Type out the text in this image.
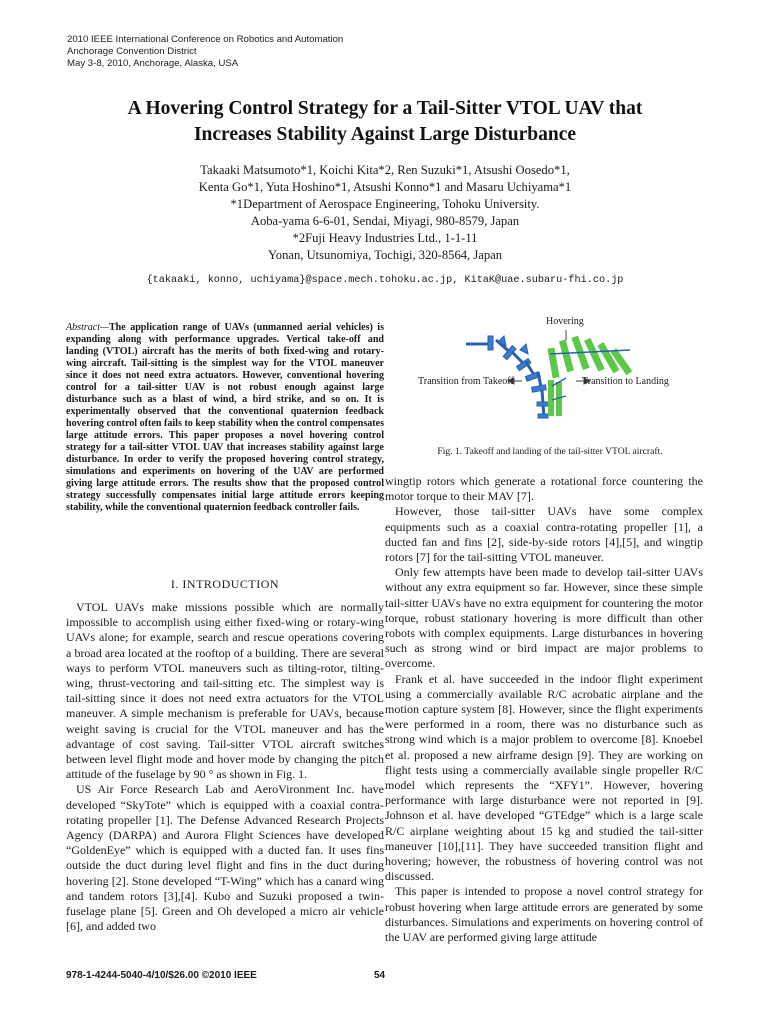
2010 IEEE International Conference on Robotics and Automation
Anchorage Convention District
May 3-8, 2010, Anchorage, Alaska, USA
A Hovering Control Strategy for a Tail-Sitter VTOL UAV that
Increases Stability Against Large Disturbance
Takaaki Matsumoto*1, Koichi Kita*2, Ren Suzuki*1, Atsushi Oosedo*1,
Kenta Go*1, Yuta Hoshino*1, Atsushi Konno*1 and Masaru Uchiyama*1
*1Department of Aerospace Engineering, Tohoku University.
Aoba-yama 6-6-01, Sendai, Miyagi, 980-8579, Japan
*2Fuji Heavy Industries Ltd., 1-1-11
Yonan, Utsunomiya, Tochigi, 320-8564, Japan
{takaaki, konno, uchiyama}@space.mech.tohoku.ac.jp, KitaK@uae.subaru-fhi.co.jp
Abstract—The application range of UAVs (unmanned aerial vehicles) is expanding along with performance upgrades. Vertical take-off and landing (VTOL) aircraft has the merits of both fixed-wing and rotary-wing aircraft. Tail-sitting is the simplest way for the VTOL maneuver since it does not need extra actuators. However, conventional hovering control for a tail-sitter UAV is not robust enough against large disturbance such as a blast of wind, a bird strike, and so on. It is experimentally observed that the conventional quaternion feedback hovering control often fails to keep stability when the control compensates large attitude errors. This paper proposes a novel hovering control strategy for a tail-sitter VTOL UAV that increases stability against large disturbance. In order to verify the proposed hovering control strategy, simulations and experiments on hovering of the UAV are performed giving large attitude errors. The results show that the proposed control strategy successfully compensates initial large attitude errors keeping stability, while the conventional quaternion feedback controller fails.
I. INTRODUCTION

VTOL UAVs make missions possible which are normally impossible to accomplish using either fixed-wing or rotary-wing UAVs alone; for example, search and rescue operations covering a broad area located at the rooftop of a building. There are several ways to perform VTOL maneuvers such as tilting-rotor, tilting-wing, thrust-vectoring and tail-sitting etc. The simplest way is tail-sitting since it does not need extra actuators for the VTOL maneuver. A simple mechanism is preferable for UAVs, because weight saving is crucial for the VTOL maneuver and has the advantage of cost saving. Tail-sitter VTOL aircraft switches between level flight mode and hover mode by changing the pitch attitude of the fuselage by 90 ° as shown in Fig. 1.

US Air Force Research Lab and AeroVironment Inc. have developed “SkyTote” which is equipped with a coaxial contra-rotating propeller [1]. The Defense Advanced Research Projects Agency (DARPA) and Aurora Flight Sciences have developed “GoldenEye” which is equipped with a ducted fan. It uses fins outside the duct during level flight and fins in the duct during hovering [2]. Stone developed “T-Wing” which has a canard wing and tandem rotors [3],[4]. Kubo and Suzuki proposed a twin-fuselage plane [5]. Green and Oh developed a micro air vehicle [6], and added two

Hovering
Transition from Takeoff	Transition to Landing
Fig. 1. Takeoff and landing of the tail-sitter VTOL aircraft.

wingtip rotors which generate a rotational force countering the motor torque to their MAV [7].

However, those tail-sitter UAVs have some complex equipments such as a coaxial contra-rotating propeller [1], a ducted fan and fins [2], side-by-side rotors [4],[5], and wingtip rotors [7] for the tail-sitting VTOL maneuver.

Only few attempts have been made to develop tail-sitter UAVs without any extra equipment so far. However, since these simple tail-sitter UAVs have no extra equipment for countering the motor torque, robust stationary hovering is more difficult than other robots with complex equipments. Large disturbances in hovering such as strong wind or bird impact are major problems to overcome.

Frank et al. have succeeded in the indoor flight experiment using a commercially available R/C acrobatic airplane and the motion capture system [8]. However, since the flight experiments were performed in a room, there was no disturbance such as strong wind which is a major problem to overcome [8]. Knoebel et al. proposed a new airframe design [9]. They are working on flight tests using a commercially available single propeller R/C model which represents the “XFY1”. However, hovering performance with large disturbance were not reported in [9]. Johnson et al. have developed “GTEdge” which is a large scale R/C airplane weighting about 15 kg and studied the tail-sitter maneuver [10],[11]. They have succeeded transition flight and hovering; however, the robustness of hovering control was not discussed.

This paper is intended to propose a novel control strategy for robust hovering when large attitude errors are generated by some disturbances. Simulations and experiments on hovering control of the UAV are performed giving large attitude

978-1-4244-5040-4/10/$26.00 ©2010 IEEE	54
